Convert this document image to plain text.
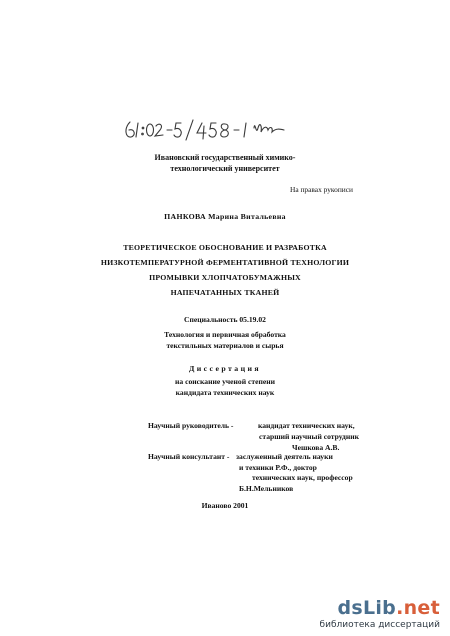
Ивановский государственный химико-
технологический университет
На правах рукописи
ПАНКОВА Марина Витальевна
ТЕОРЕТИЧЕСКОЕ ОБОСНОВАНИЕ И РАЗРАБОТКА
НИЗКОТЕМПЕРАТУРНОЙ ФЕРМЕНТАТИВНОЙ ТЕХНОЛОГИИ
ПРОМЫВКИ ХЛОПЧАТОБУМАЖНЫХ
НАПЕЧАТАННЫХ ТКАНЕЙ
Специальность 05.19.02
Технология и первичная обработка
текстильных материалов и сырья
Диссертация
на соискание ученой степени
кандидата технических наук
Научный руководитель -	кандидат технических наук,
старший научный сотрудник
Чешкова А.В.
Научный консультант - заслуженный деятель науки
и техники Р.Ф., доктор
технических наук, профессор
Б.Н.Мельников
Иваново 2001
dsLib.net
библиотека диссертаций
